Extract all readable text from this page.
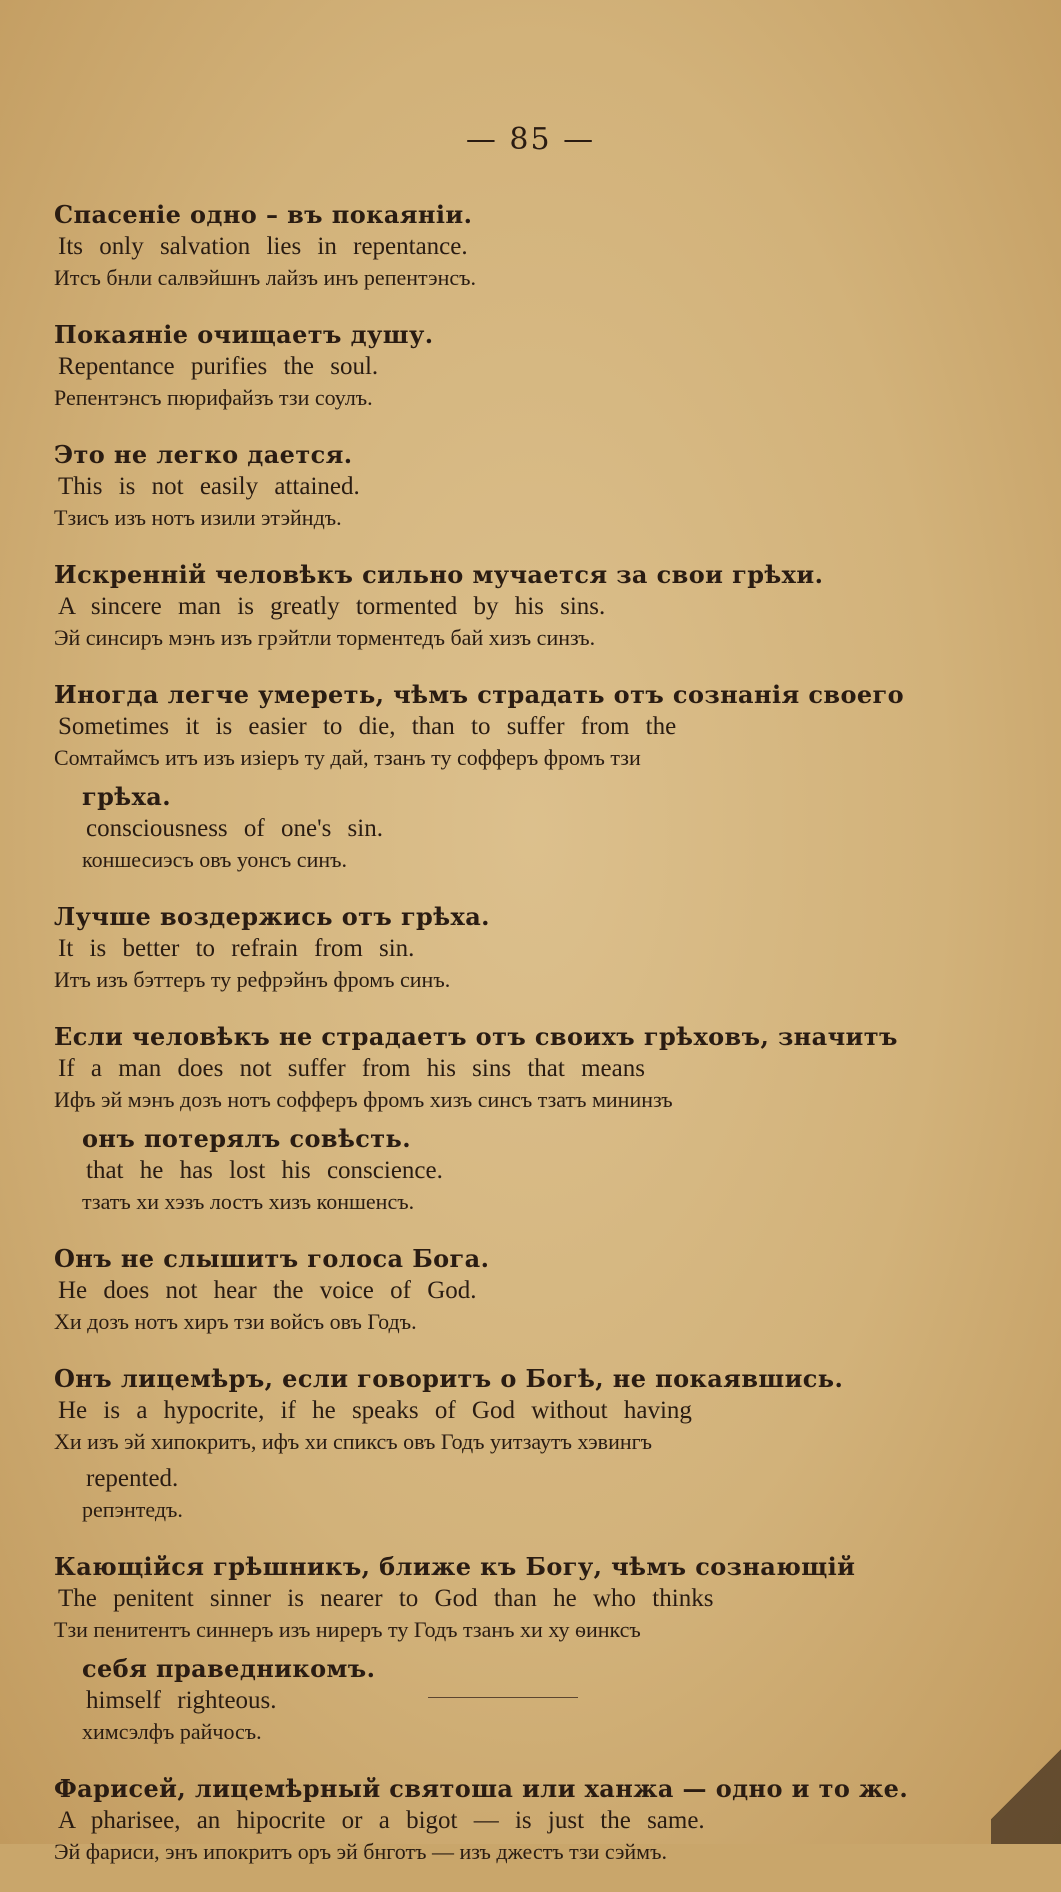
— 85 —
Спасеніе одно – въ покаяніи.
Its only salvation lies in repentance.
Итсъ бнли салвэйшнъ лайзъ инъ репентэнсъ.
Покаяніе очищаетъ душу.
Repentance purifies the soul.
Репентэнсъ пюрифайзъ тзи соулъ.
Это не легко дается.
This is not easily attained.
Тзисъ изъ нотъ изили этэйндъ.
Искренній человѣкъ сильно мучается за свои грѣхи.
A sincere man is greatly tormented by his sins.
Эй синсиръ мэнъ изъ грэйтли торментедъ бай хизъ синзъ.
Иногда легче умереть, чѣмъ страдать отъ сознанія своего
Sometimes it is easier to die, than to suffer from the
Сомтаймсъ итъ изъ изіеръ ту дай, тзанъ ту софферъ фромъ тзи
грѣха.
consciousness of one's sin.
коншесиэсъ овъ уонсъ синъ.
Лучше воздержись отъ грѣха.
It is better to refrain from sin.
Итъ изъ бэттеръ ту рефрэйнъ фромъ синъ.
Если человѣкъ не страдаетъ отъ своихъ грѣховъ, значитъ
If a man does not suffer from his sins that means
Ифъ эй мэнъ дозъ нотъ софферъ фромъ хизъ синсъ тзатъ мининзъ
онъ потерялъ совѣсть.
that he has lost his conscience.
тзатъ хи хэзъ лостъ хизъ коншенсъ.
Онъ не слышитъ голоса Бога.
He does not hear the voice of God.
Хи дозъ нотъ хиръ тзи войсъ овъ Годъ.
Онъ лицемѣръ, если говоритъ о Богѣ, не покаявшись.
He is a hypocrite, if he speaks of God without having
Хи изъ эй хипокритъ, ифъ хи спиксъ овъ Годъ уитзаутъ хэвингъ
repented.
репэнтедъ.
Кающійся грѣшникъ, ближе къ Богу, чѣмъ сознающій
The penitent sinner is nearer to God than he who thinks
Тзи пенитентъ синнеръ изъ ниреръ ту Годъ тзанъ хи ху ѳинксъ
себя праведникомъ.
himself righteous.
химсэлфъ райчосъ.
Фарисей, лицемѣрный святоша или ханжа — одно и то же.
A pharisee, an hipocrite or a bigot — is just the same.
Эй фариси, энъ ипокритъ оръ эй бнготъ — изъ джестъ тзи сэймъ.
